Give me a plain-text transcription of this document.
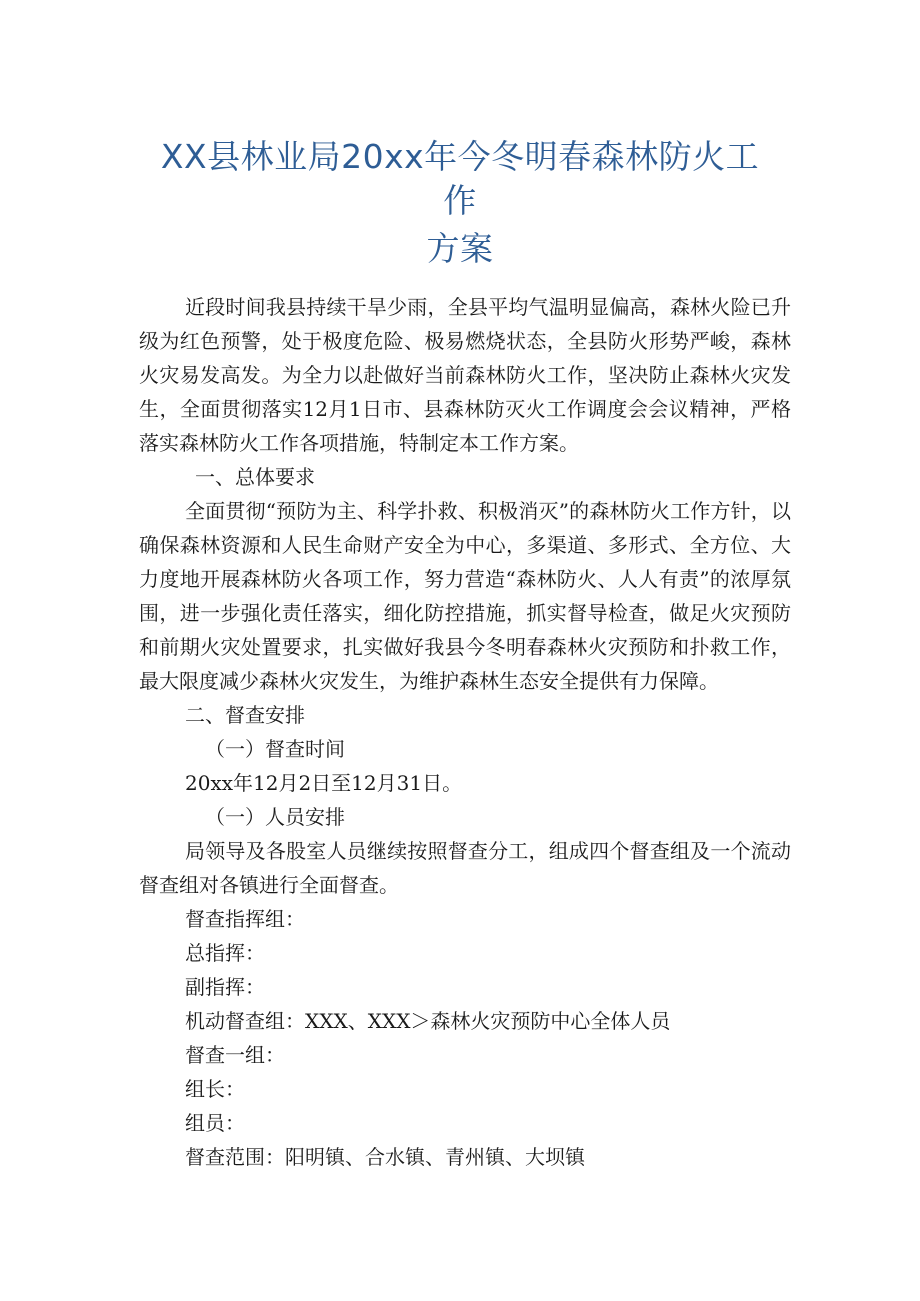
XX县林业局20xx年今冬明春森林防火工
作
方案

近段时间我县持续干旱少雨，全县平均气温明显偏高，森林火险已升级为红色预警，处于极度危险、极易燃烧状态，全县防火形势严峻，森林火灾易发高发。为全力以赴做好当前森林防火工作，坚决防止森林火灾发生，全面贯彻落实12月1日市、县森林防灭火工作调度会会议精神，严格落实森林防火工作各项措施，特制定本工作方案。

一、总体要求

全面贯彻“预防为主、科学扑救、积极消灭”的森林防火工作方针，以确保森林资源和人民生命财产安全为中心，多渠道、多形式、全方位、大力度地开展森林防火各项工作，努力营造“森林防火、人人有责”的浓厚氛围，进一步强化责任落实，细化防控措施，抓实督导检查，做足火灾预防和前期火灾处置要求，扎实做好我县今冬明春森林火灾预防和扑救工作，最大限度减少森林火灾发生，为维护森林生态安全提供有力保障。

二、督查安排

（一）督查时间

20xx年12月2日至12月31日。

（一）人员安排

局领导及各股室人员继续按照督查分工，组成四个督查组及一个流动督查组对各镇进行全面督查。

督查指挥组：

总指挥：

副指挥：

机动督查组：XXX、XXX＞森林火灾预防中心全体人员

督查一组：

组长：

组员：

督查范围：阳明镇、合水镇、青州镇、大坝镇
